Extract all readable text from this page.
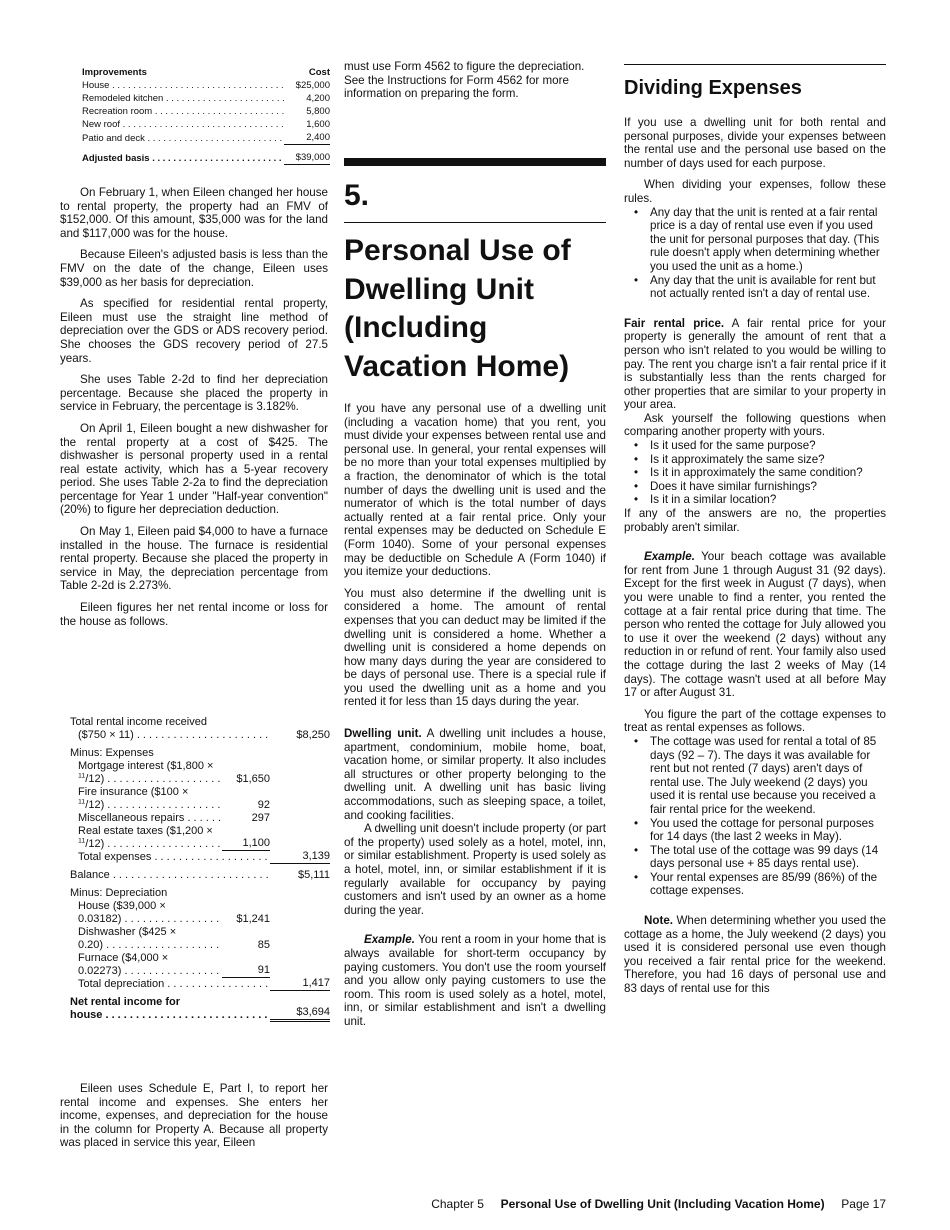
Improvements	Cost
House . . .	$25,000
Remodeled kitchen . . .	4,200
Recreation room . . .	5,800
New roof . . .	1,600
Patio and deck . . .	2,400
Adjusted basis . . .	$39,000

On February 1, when Eileen changed her house to rental property, the property had an FMV of $152,000. Of this amount, $35,000 was for the land and $117,000 was for the house.

Because Eileen's adjusted basis is less than the FMV on the date of the change, Eileen uses $39,000 as her basis for depreciation.

As specified for residential rental property, Eileen must use the straight line method of depreciation over the GDS or ADS recovery period. She chooses the GDS recovery period of 27.5 years.

She uses Table 2-2d to find her depreciation percentage. Because she placed the property in service in February, the percentage is 3.182%.

On April 1, Eileen bought a new dishwasher for the rental property at a cost of $425. The dishwasher is personal property used in a rental real estate activity, which has a 5-year recovery period. She uses Table 2-2a to find the depreciation percentage for Year 1 under "Half-year convention" (20%) to figure her depreciation deduction.

On May 1, Eileen paid $4,000 to have a furnace installed in the house. The furnace is residential rental property. Because she placed the property in service in May, the depreciation percentage from Table 2-2d is 2.273%.

Eileen figures her net rental income or loss for the house as follows.

Total rental income received
($750 × 11) . . .	$8,250
Minus: Expenses
Mortgage interest ($1,800 ×
$^{11}$/12) . . .	$1,650
Fire insurance ($100 ×
$^{11}$/12) . . .	92
Miscellaneous repairs . . .	297
Real estate taxes ($1,200 ×
$^{11}$/12) . . .	1,100
Total expenses . . .	3,139
Balance . . .	$5,111
Minus: Depreciation
House ($39,000 ×
0.03182) . . .	$1,241
Dishwasher ($425 ×
0.20) . . .	85
Furnace ($4,000 ×
0.02273) . . .	91
Total depreciation . . .	1,417
Net rental income for
house . . .	$3,694

Eileen uses Schedule E, Part I, to report her rental income and expenses. She enters her income, expenses, and depreciation for the house in the column for Property A. Because all property was placed in service this year, Eileen

must use Form 4562 to figure the depreciation. See the Instructions for Form 4562 for more information on preparing the form.

5.
Personal Use of
Dwelling Unit
(Including
Vacation Home)

If you have any personal use of a dwelling unit (including a vacation home) that you rent, you must divide your expenses between rental use and personal use. In general, your rental expenses will be no more than your total expenses multiplied by a fraction, the denominator of which is the total number of days the dwelling unit is used and the numerator of which is the total number of days actually rented at a fair rental price. Only your rental expenses may be deducted on Schedule E (Form 1040). Some of your personal expenses may be deductible on Schedule A (Form 1040) if you itemize your deductions.

You must also determine if the dwelling unit is considered a home. The amount of rental expenses that you can deduct may be limited if the dwelling unit is considered a home. Whether a dwelling unit is considered a home depends on how many days during the year are considered to be days of personal use. There is a special rule if you used the dwelling unit as a home and you rented it for less than 15 days during the year.

Dwelling unit. A dwelling unit includes a house, apartment, condominium, mobile home, boat, vacation home, or similar property. It also includes all structures or other property belonging to the dwelling unit. A dwelling unit has basic living accommodations, such as sleeping space, a toilet, and cooking facilities.

A dwelling unit doesn't include property (or part of the property) used solely as a hotel, motel, inn, or similar establishment. Property is used solely as a hotel, motel, inn, or similar establishment if it is regularly available for occupancy by paying customers and isn't used by an owner as a home during the year.

Example. You rent a room in your home that is always available for short-term occupancy by paying customers. You don't use the room yourself and you allow only paying customers to use the room. This room is used solely as a hotel, motel, inn, or similar establishment and isn't a dwelling unit.

Dividing Expenses

If you use a dwelling unit for both rental and personal purposes, divide your expenses between the rental use and the personal use based on the number of days used for each purpose.

When dividing your expenses, follow these rules.

• Any day that the unit is rented at a fair rental price is a day of rental use even if you used the unit for personal purposes that day. (This rule doesn't apply when determining whether you used the unit as a home.)
• Any day that the unit is available for rent but not actually rented isn't a day of rental use.

Fair rental price. A fair rental price for your property is generally the amount of rent that a person who isn't related to you would be willing to pay. The rent you charge isn't a fair rental price if it is substantially less than the rents charged for other properties that are similar to your property in your area.

Ask yourself the following questions when comparing another property with yours.

• Is it used for the same purpose?
• Is it approximately the same size?
• Is it in approximately the same condition?
• Does it have similar furnishings?
• Is it in a similar location?

If any of the answers are no, the properties probably aren't similar.

Example. Your beach cottage was available for rent from June 1 through August 31 (92 days). Except for the first week in August (7 days), when you were unable to find a renter, you rented the cottage at a fair rental price during that time. The person who rented the cottage for July allowed you to use it over the weekend (2 days) without any reduction in or refund of rent. Your family also used the cottage during the last 2 weeks of May (14 days). The cottage wasn't used at all before May 17 or after August 31.

You figure the part of the cottage expenses to treat as rental expenses as follows.

• The cottage was used for rental a total of 85 days (92 – 7). The days it was available for rent but not rented (7 days) aren't days of rental use. The July weekend (2 days) you used it is rental use because you received a fair rental price for the weekend.
• You used the cottage for personal purposes for 14 days (the last 2 weeks in May).
• The total use of the cottage was 99 days (14 days personal use + 85 days rental use).
• Your rental expenses are 85/99 (86%) of the cottage expenses.

Note. When determining whether you used the cottage as a home, the July weekend (2 days) you used it is considered personal use even though you received a fair rental price for the weekend. Therefore, you had 16 days of personal use and 83 days of rental use for this

Chapter 5 Personal Use of Dwelling Unit (Including Vacation Home) Page 17
